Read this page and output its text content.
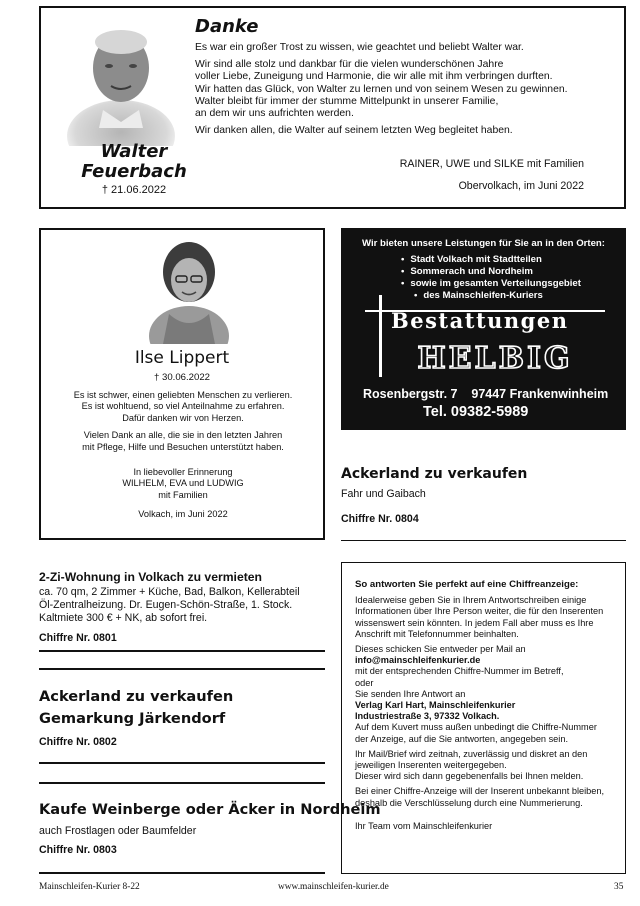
Walter
Feuerbach
† 21.06.2022
Danke

Es war ein großer Trost zu wissen, wie geachtet und beliebt Walter war.

Wir sind alle stolz und dankbar für die vielen wunderschönen Jahre
voller Liebe, Zuneigung und Harmonie, die wir alle mit ihm verbringen durften.
Wir hatten das Glück, von Walter zu lernen und von seinem Wesen zu gewinnen.
Walter bleibt für immer der stumme Mittelpunkt in unserer Familie,
an dem wir uns aufrichten werden.

Wir danken allen, die Walter auf seinem letzten Weg begleitet haben.

RAINER, UWE und SILKE mit Familien
Obervolkach, im Juni 2022
Ilse Lippert
† 30.06.2022

Es ist schwer, einen geliebten Menschen zu verlieren.
Es ist wohltuend, so viel Anteilnahme zu erfahren.
Dafür danken wir von Herzen.

Vielen Dank an alle, die sie in den letzten Jahren
mit Pflege, Hilfe und Besuchen unterstützt haben.

In liebevoller Erinnerung
WILHELM, EVA und LUDWIG
mit Familien

Volkach, im Juni 2022

Wir bieten unsere Leistungen für Sie an in den Orten:
• Stadt Volkach mit Stadtteilen
• Sommerach und Nordheim
• sowie im gesamten Verteilungsgebiet
• des Mainschleifen-Kuriers
Bestattungen
HELBIG
Rosenbergstr. 7    97447 Frankenwinheim
Tel. 09382-5989
Ackerland zu verkaufen
Fahr und Gaibach
Chiffre Nr. 0804
2-Zi-Wohnung in Volkach zu vermieten
ca. 70 qm, 2 Zimmer + Küche, Bad, Balkon, Kellerabteil
Öl-Zentralheizung. Dr. Eugen-Schön-Straße, 1. Stock.
Kaltmiete 300 € + NK, ab sofort frei.
Chiffre Nr. 0801
Ackerland zu verkaufen
Gemarkung Järkendorf
Chiffre Nr. 0802
Kaufe Weinberge oder Äcker in Nordheim
auch Frostlagen oder Baumfelder
Chiffre Nr. 0803
So antworten Sie perfekt auf eine Chiffreanzeige:

Idealerweise geben Sie in Ihrem Antwortschreiben einige
Informationen über Ihre Person weiter, die für den Inserenten
wissenswert sein könnten. In jedem Fall aber muss es Ihre
Anschrift mit Telefonnummer beinhalten.

Dieses schicken Sie entweder per Mail an
info@mainschleifenkurier.de
mit der entsprechenden Chiffre-Nummer im Betreff,
oder
Sie senden Ihre Antwort an
Verlag Karl Hart, Mainschleifenkurier
Industriestraße 3, 97332 Volkach.
Auf dem Kuvert muss außen unbedingt die Chiffre-Nummer
der Anzeige, auf die Sie antworten, angegeben sein.

Ihr Mail/Brief wird zeitnah, zuverlässig und diskret an den
jeweiligen Inserenten weitergegeben.
Dieser wird sich dann gegebenenfalls bei Ihnen melden.

Bei einer Chiffre-Anzeige will der Inserent unbekannt bleiben,
deshalb die Verschlüsselung durch eine Nummerierung.

Ihr Team vom Mainschleifenkurier

Mainschleifen-Kurier 8-22	www.mainschleifen-kurier.de	35
